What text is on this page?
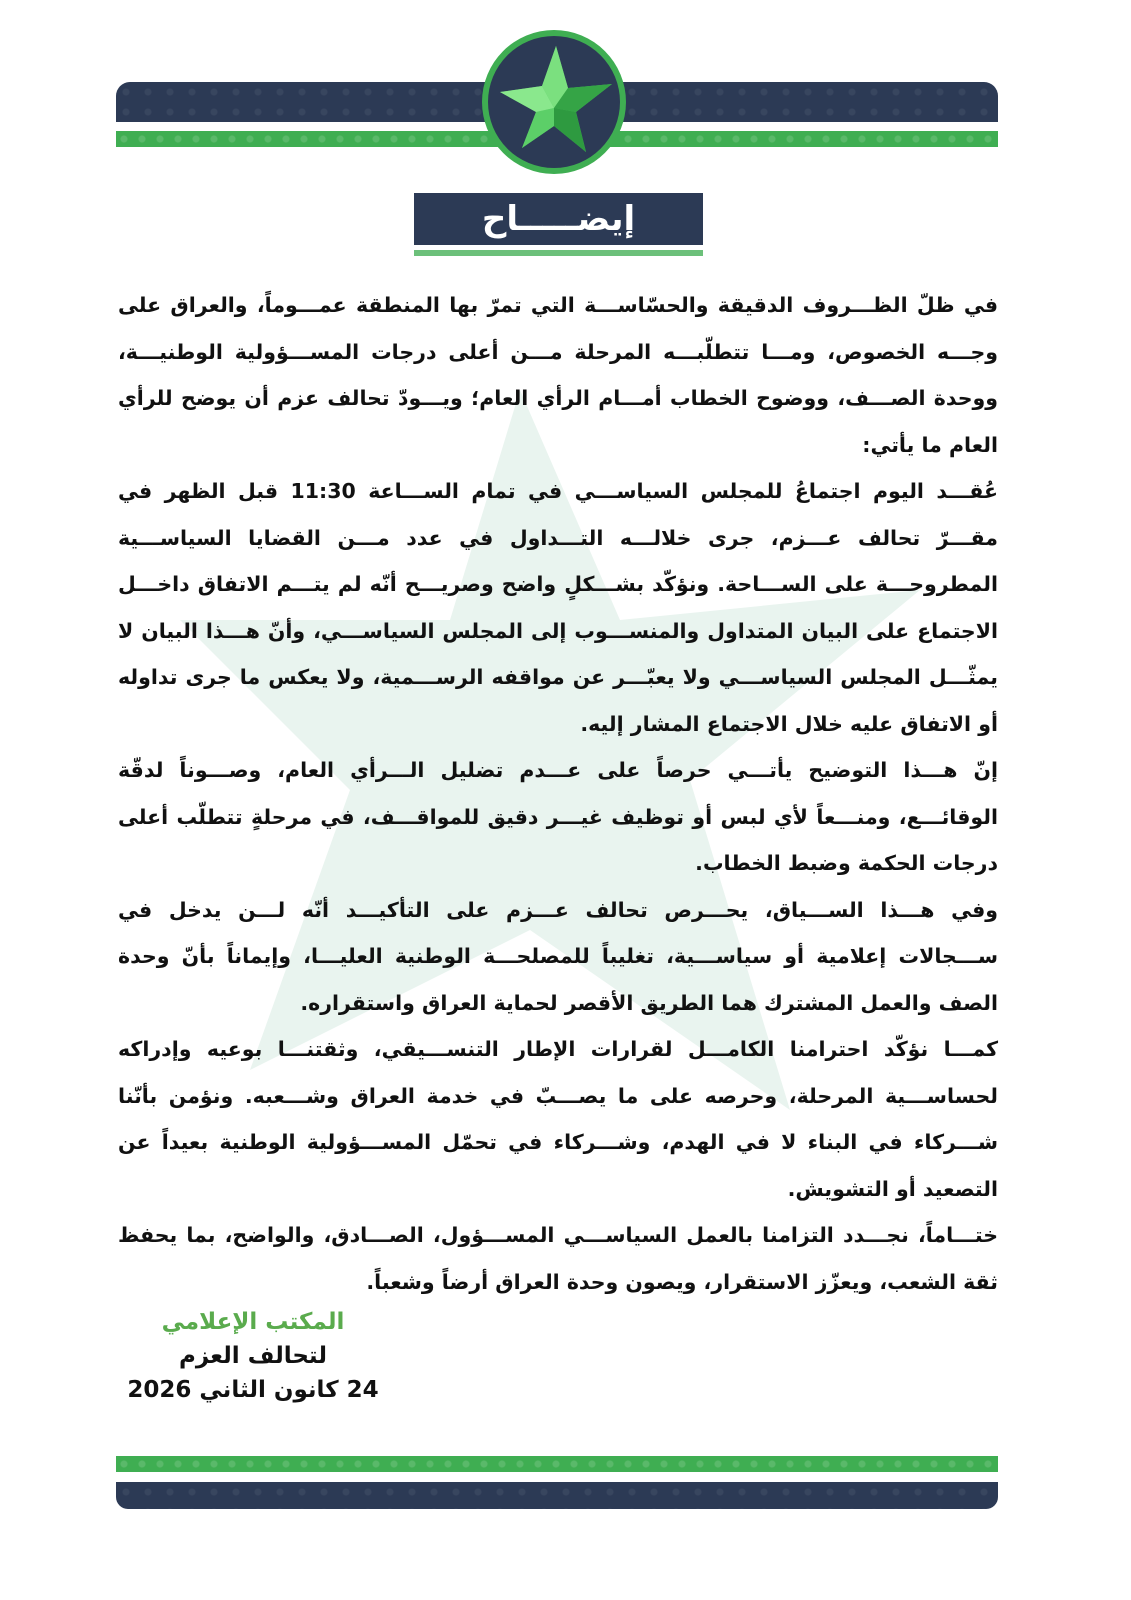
إيضـــــاح

في ظلّ الظـــروف الدقيقة والحسّاســـة التي تمرّ بها المنطقة عمـــوماً، والعراق على وجـــه الخصوص، ومـــا تتطلّبـــه المرحلة مـــن أعلى درجات المســـؤولية الوطنيـــة، ووحدة الصـــف، ووضوح الخطاب أمـــام الرأي العام؛ ويـــودّ تحالف عزم أن يوضح للرأي العام ما يأتي:

عُقـــد اليوم اجتماعُ للمجلس السياســـي في تمام الســـاعة 11:30 قبل الظهر في مقـــرّ تحالف عـــزم، جرى خلالـــه التـــداول في عدد مـــن القضايا السياســـية المطروحـــة على الســـاحة. ونؤكّد بشـــكلٍ واضح وصريـــح أنّه لم يتـــم الاتفاق داخـــل الاجتماع على البيان المتداول والمنســـوب إلى المجلس السياســـي، وأنّ هـــذا البيان لا يمثّـــل المجلس السياســـي ولا يعبّـــر عن مواقفه الرســـمية، ولا يعكس ما جرى تداوله أو الاتفاق عليه خلال الاجتماع المشار إليه.

إنّ هـــذا التوضيح يأتـــي حرصاً على عـــدم تضليل الـــرأي العام، وصـــوناً لدقّة الوقائـــع، ومنـــعاً لأي لبس أو توظيف غيـــر دقيق للمواقـــف، في مرحلةٍ تتطلّب أعلى درجات الحكمة وضبط الخطاب.

وفي هـــذا الســـياق، يحـــرص تحالف عـــزم على التأكيـــد أنّه لـــن يدخل في ســـجالات إعلامية أو سياســـية، تغليباً للمصلحـــة الوطنية العليـــا، وإيماناً بأنّ وحدة الصف والعمل المشترك هما الطريق الأقصر لحماية العراق واستقراره.

كمـــا نؤكّد احترامنا الكامـــل لقرارات الإطار التنســـيقي، وثقتنـــا بوعيه وإدراكه لحساســـية المرحلة، وحرصه على ما يصـــبّ في خدمة العراق وشـــعبه. ونؤمن بأنّنا شـــركاء في البناء لا في الهدم، وشـــركاء في تحمّل المســـؤولية الوطنية بعيداً عن التصعيد أو التشويش.

ختـــاماً، نجـــدد التزامنا بالعمل السياســـي المســـؤول، الصـــادق، والواضح، بما يحفظ ثقة الشعب، ويعزّز الاستقرار، ويصون وحدة العراق أرضاً وشعباً.

المكتب الإعلامي
لتحالف العزم
24 كانون الثاني 2026
